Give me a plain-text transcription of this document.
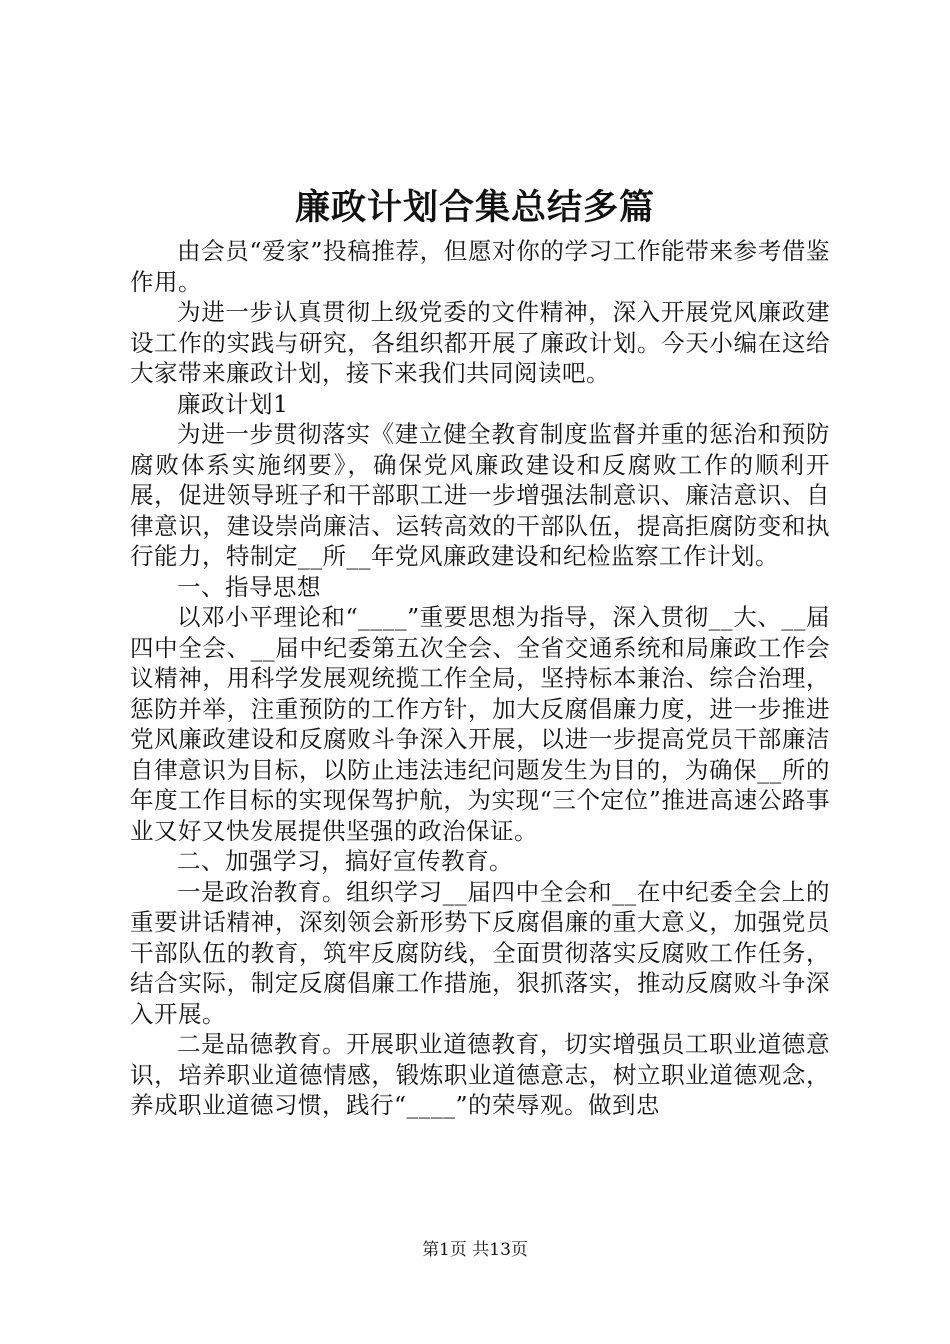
廉政计划合集总结多篇

由会员“爱家”投稿推荐，但愿对你的学习工作能带来参考借鉴作用。

为进一步认真贯彻上级党委的文件精神，深入开展党风廉政建设工作的实践与研究，各组织都开展了廉政计划。今天小编在这给大家带来廉政计划，接下来我们共同阅读吧。

廉政计划1

为进一步贯彻落实《建立健全教育制度监督并重的惩治和预防腐败体系实施纲要》，确保党风廉政建设和反腐败工作的顺利开展，促进领导班子和干部职工进一步增强法制意识、廉洁意识、自律意识，建设崇尚廉洁、运转高效的干部队伍，提高拒腐防变和执行能力，特制定__所__年党风廉政建设和纪检监察工作计划。

一、指导思想

以邓小平理论和“____”重要思想为指导，深入贯彻__大、__届四中全会、__届中纪委第五次全会、全省交通系统和局廉政工作会议精神，用科学发展观统揽工作全局，坚持标本兼治、综合治理，惩防并举，注重预防的工作方针，加大反腐倡廉力度，进一步推进党风廉政建设和反腐败斗争深入开展，以进一步提高党员干部廉洁自律意识为目标，以防止违法违纪问题发生为目的，为确保__所的年度工作目标的实现保驾护航，为实现“三个定位”推进高速公路事业又好又快发展提供坚强的政治保证。

二、加强学习，搞好宣传教育。

一是政治教育。组织学习__届四中全会和__在中纪委全会上的重要讲话精神，深刻领会新形势下反腐倡廉的重大意义，加强党员干部队伍的教育，筑牢反腐防线，全面贯彻落实反腐败工作任务，结合实际，制定反腐倡廉工作措施，狠抓落实，推动反腐败斗争深入开展。

二是品德教育。开展职业道德教育，切实增强员工职业道德意识，培养职业道德情感，锻炼职业道德意志，树立职业道德观念，养成职业道德习惯，践行“____”的荣辱观。做到忠

第1页 共13页
